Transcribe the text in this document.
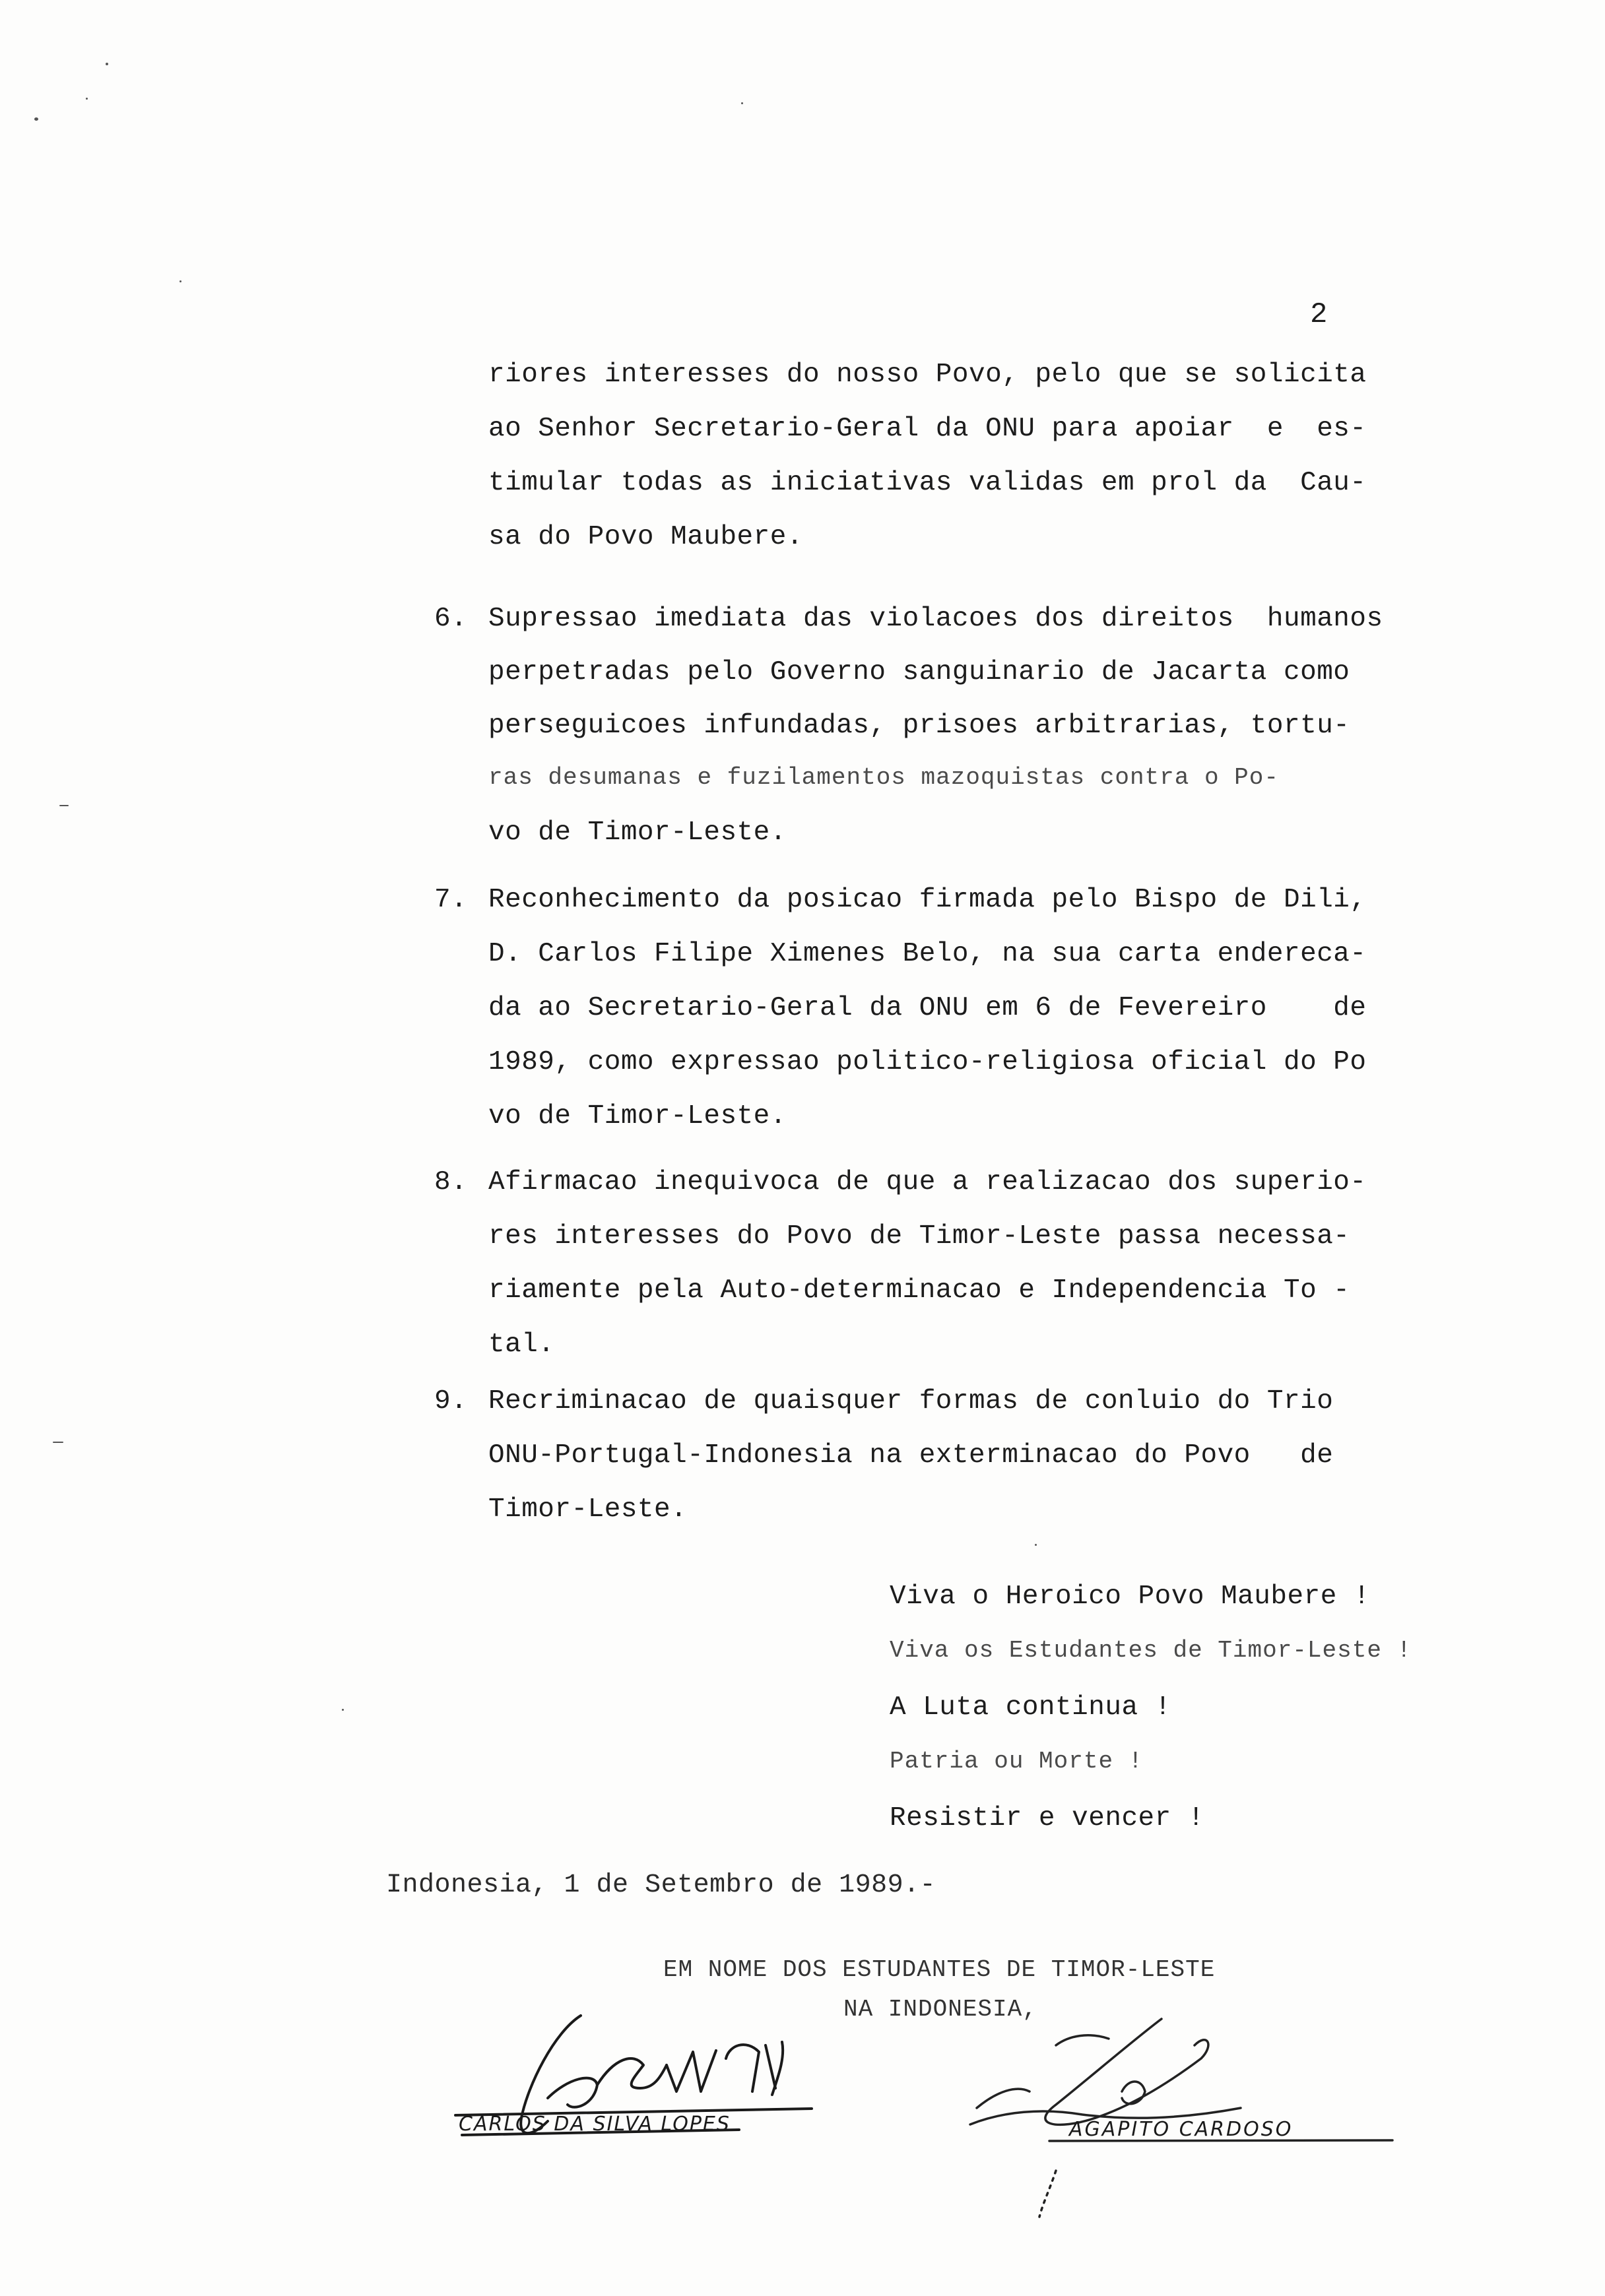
2

riores interesses do nosso Povo, pelo que se solicita

ao Senhor Secretario-Geral da ONU para apoiar  e  es-

timular todas as iniciativas validas em prol da  Cau-

sa do Povo Maubere.

6.

Supressao imediata das violacoes dos direitos  humanos

perpetradas pelo Governo sanguinario de Jacarta como

perseguicoes infundadas, prisoes arbitrarias, tortu-

ras desumanas e fuzilamentos mazoquistas contra o Po-

vo de Timor-Leste.

7.

Reconhecimento da posicao firmada pelo Bispo de Dili,

D. Carlos Filipe Ximenes Belo, na sua carta endereca-

da ao Secretario-Geral da ONU em 6 de Fevereiro    de

1989, como expressao politico-religiosa oficial do Po

vo de Timor-Leste.

8.

Afirmacao inequivoca de que a realizacao dos superio-

res interesses do Povo de Timor-Leste passa necessa-

riamente pela Auto-determinacao e Independencia To -

tal.

9.

Recriminacao de quaisquer formas de conluio do Trio

ONU-Portugal-Indonesia na exterminacao do Povo   de

Timor-Leste.

Viva o Heroico Povo Maubere !

Viva os Estudantes de Timor-Leste !

A Luta continua !

Patria ou Morte !

Resistir e vencer !

Indonesia, 1 de Setembro de 1989.-
EM NOME DOS ESTUDANTES DE TIMOR-LESTE
NA INDONESIA,
CARLOS DA SILVA LOPES	AGAPITO CARDOSO
